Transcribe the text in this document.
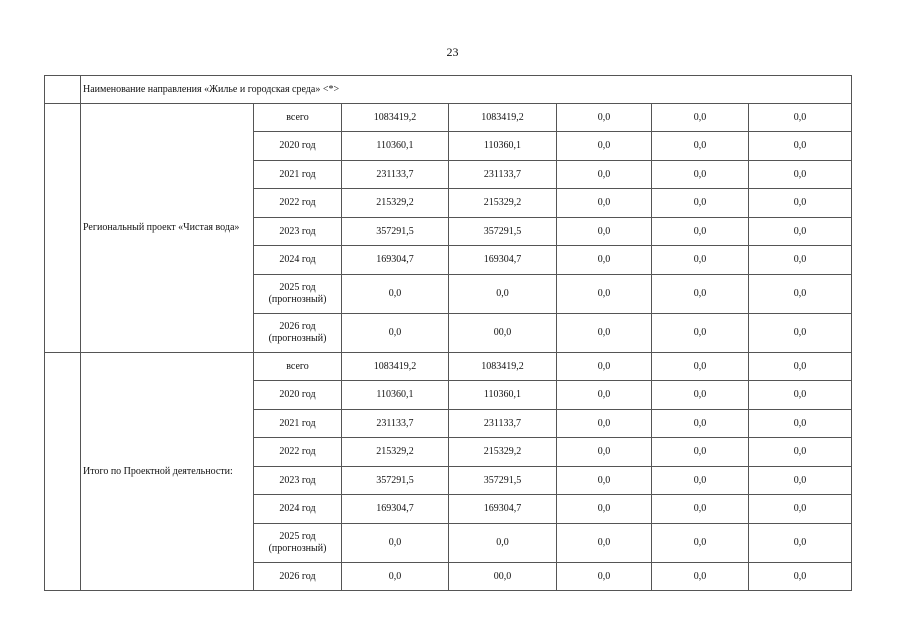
23
	Наименование направления «Жилье и городская среда» <*>						
	Региональный проект «Чистая вода»	всего	1083419,2	1083419,2	0,0	0,0	0,0
		2020 год	110360,1	110360,1	0,0	0,0	0,0
		2021 год	231133,7	231133,7	0,0	0,0	0,0
		2022 год	215329,2	215329,2	0,0	0,0	0,0
		2023 год	357291,5	357291,5	0,0	0,0	0,0
		2024 год	169304,7	169304,7	0,0	0,0	0,0
		2025 год (прогнозный)	0,0	0,0	0,0	0,0	0,0
		2026 год (прогнозный)	0,0	00,0	0,0	0,0	0,0
	Итого по Проектной деятельности:	всего	1083419,2	1083419,2	0,0	0,0	0,0
		2020 год	110360,1	110360,1	0,0	0,0	0,0
		2021 год	231133,7	231133,7	0,0	0,0	0,0
		2022 год	215329,2	215329,2	0,0	0,0	0,0
		2023 год	357291,5	357291,5	0,0	0,0	0,0
		2024 год	169304,7	169304,7	0,0	0,0	0,0
		2025 год (прогнозный)	0,0	0,0	0,0	0,0	0,0
		2026 год	0,0	00,0	0,0	0,0	0,0
